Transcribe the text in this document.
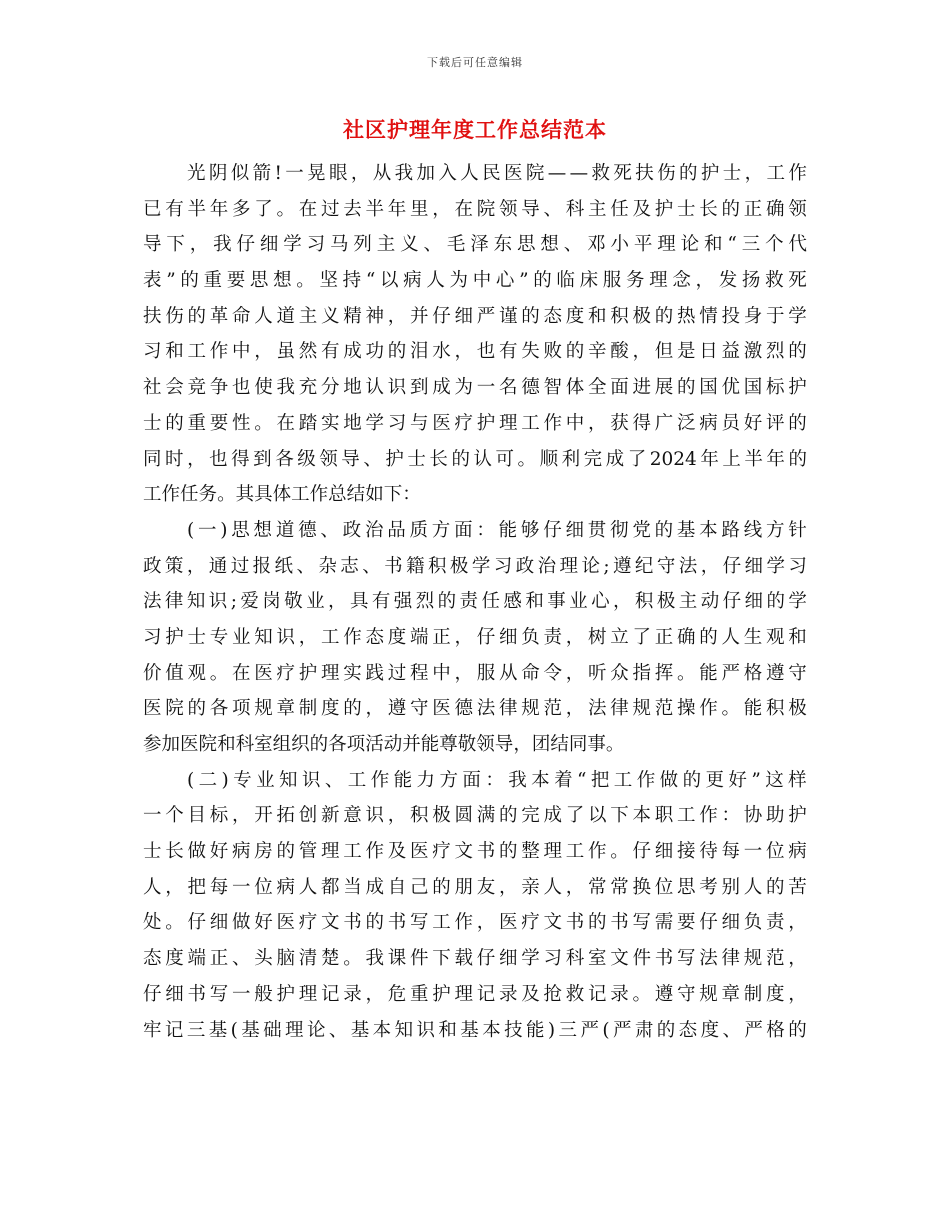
下载后可任意编辑
社区护理年度工作总结范本
光 阴 似 箭 ! 一 晃 眼 ， 从 我 加 入 人 民 医 院 — — 救 死 扶 伤 的 护 士 ， 工 作
已 有 半 年 多 了 。 在 过 去 半 年 里 ， 在 院 领 导 、 科 主 任 及 护 士 长 的 正 确 领
导 下 ， 我 仔 细 学 习 马 列 主 义 、 毛 泽 东 思 想 、 邓 小 平 理 论 和 “ 三 个 代
表 ” 的 重 要 思 想 。 坚 持 “ 以 病 人 为 中 心 ” 的 临 床 服 务 理 念 ， 发 扬 救 死
扶 伤 的 革 命 人 道 主 义 精 神 ， 并 仔 细 严 谨 的 态 度 和 积 极 的 热 情 投 身 于 学
习 和 工 作 中 ， 虽 然 有 成 功 的 泪 水 ， 也 有 失 败 的 辛 酸 ， 但 是 日 益 激 烈 的
社 会 竞 争 也 使 我 充 分 地 认 识 到 成 为 一 名 德 智 体 全 面 进 展 的 国 优 国 标 护
士 的 重 要 性 。 在 踏 实 地 学 习 与 医 疗 护 理 工 作 中 ， 获 得 广 泛 病 员 好 评 的
同 时 ， 也 得 到 各 级 领 导 、 护 士 长 的 认 可 。 顺 利 完 成 了 2024 年 上 半 年 的
工 作 任 务 。 其 具 体 工 作 总 结 如 下 ：
( 一 ) 思 想 道 德 、 政 治 品 质 方 面 ： 能 够 仔 细 贯 彻 党 的 基 本 路 线 方 针
政 策 ， 通 过 报 纸 、 杂 志 、 书 籍 积 极 学 习 政 治 理 论 ; 遵 纪 守 法 ， 仔 细 学 习
法 律 知 识 ; 爱 岗 敬 业 ， 具 有 强 烈 的 责 任 感 和 事 业 心 ， 积 极 主 动 仔 细 的 学
习 护 士 专 业 知 识 ， 工 作 态 度 端 正 ， 仔 细 负 责 ， 树 立 了 正 确 的 人 生 观 和
价 值 观 。 在 医 疗 护 理 实 践 过 程 中 ， 服 从 命 令 ， 听 众 指 挥 。 能 严 格 遵 守
医 院 的 各 项 规 章 制 度 的 ， 遵 守 医 德 法 律 规 范 ， 法 律 规 范 操 作 。 能 积 极
参 加 医 院 和 科 室 组 织 的 各 项 活 动 并 能 尊 敬 领 导 ， 团 结 同 事 。
( 二 ) 专 业 知 识 、 工 作 能 力 方 面 ： 我 本 着 “ 把 工 作 做 的 更 好 ” 这 样
一 个 目 标 ， 开 拓 创 新 意 识 ， 积 极 圆 满 的 完 成 了 以 下 本 职 工 作 ： 协 助 护
士 长 做 好 病 房 的 管 理 工 作 及 医 疗 文 书 的 整 理 工 作 。 仔 细 接 待 每 一 位 病
人 ， 把 每 一 位 病 人 都 当 成 自 己 的 朋 友 ， 亲 人 ， 常 常 换 位 思 考 别 人 的 苦
处 。 仔 细 做 好 医 疗 文 书 的 书 写 工 作 ， 医 疗 文 书 的 书 写 需 要 仔 细 负 责 ，
态 度 端 正 、 头 脑 清 楚 。 我 课 件 下 载 仔 细 学 习 科 室 文 件 书 写 法 律 规 范 ，
仔 细 书 写 一 般 护 理 记 录 ， 危 重 护 理 记 录 及 抢 救 记 录 。 遵 守 规 章 制 度 ，
牢 记 三 基 ( 基 础 理 论 、 基 本 知 识 和 基 本 技 能 ) 三 严 ( 严 肃 的 态 度 、 严 格 的
